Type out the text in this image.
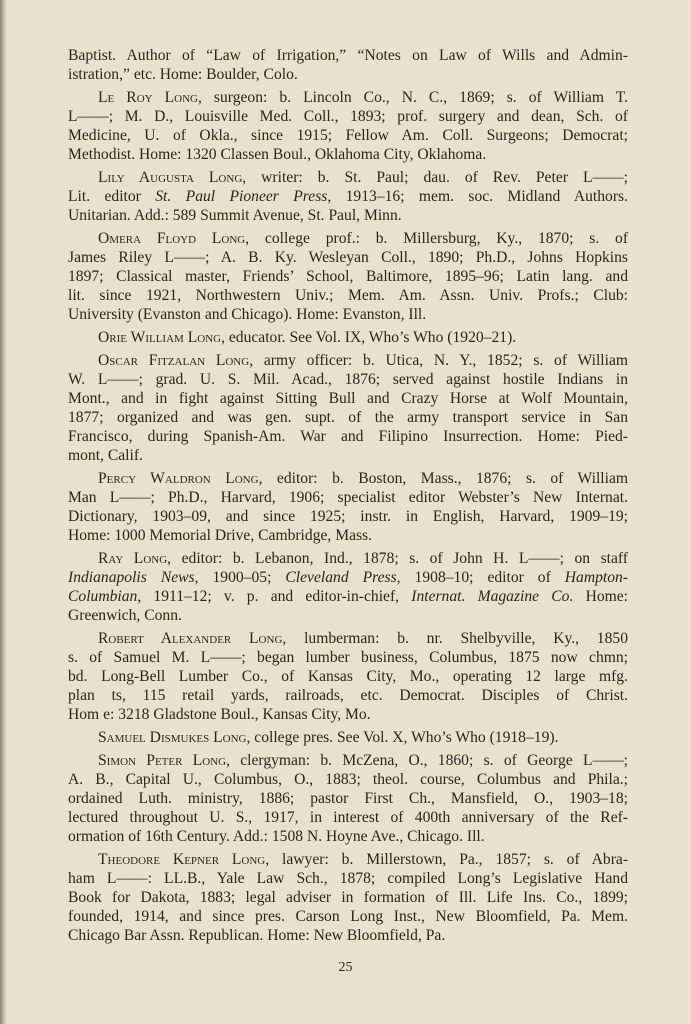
Baptist. Author of “Law of Irrigation,” “Notes on Law of Wills and Admin-
istration,” etc. Home: Boulder, Colo.
Le Roy Long, surgeon: b. Lincoln Co., N. C., 1869; s. of William T.
L——; M. D., Louisville Med. Coll., 1893; prof. surgery and dean, Sch. of
Medicine, U. of Okla., since 1915; Fellow Am. Coll. Surgeons; Democrat;
Methodist. Home: 1320 Classen Boul., Oklahoma City, Oklahoma.
Lily Augusta Long, writer: b. St. Paul; dau. of Rev. Peter L——;
Lit. editor St. Paul Pioneer Press, 1913–16; mem. soc. Midland Authors.
Unitarian. Add.: 589 Summit Avenue, St. Paul, Minn.
Omera Floyd Long, college prof.: b. Millersburg, Ky., 1870; s. of
James Riley L——; A. B. Ky. Wesleyan Coll., 1890; Ph.D., Johns Hopkins
1897; Classical master, Friends’ School, Baltimore, 1895–96; Latin lang. and
lit. since 1921, Northwestern Univ.; Mem. Am. Assn. Univ. Profs.; Club:
University (Evanston and Chicago). Home: Evanston, Ill.
Orie William Long, educator. See Vol. IX, Who’s Who (1920–21).
Oscar Fitzalan Long, army officer: b. Utica, N. Y., 1852; s. of William
W. L——; grad. U. S. Mil. Acad., 1876; served against hostile Indians in
Mont., and in fight against Sitting Bull and Crazy Horse at Wolf Mountain,
1877; organized and was gen. supt. of the army transport service in San
Francisco, during Spanish-Am. War and Filipino Insurrection. Home: Pied-
mont, Calif.
Percy Waldron Long, editor: b. Boston, Mass., 1876; s. of William
Man L——; Ph.D., Harvard, 1906; specialist editor Webster’s New Internat.
Dictionary, 1903–09, and since 1925; instr. in English, Harvard, 1909–19;
Home: 1000 Memorial Drive, Cambridge, Mass.
Ray Long, editor: b. Lebanon, Ind., 1878; s. of John H. L——; on staff
Indianapolis News, 1900–05; Cleveland Press, 1908–10; editor of Hampton-
Columbian, 1911–12; v. p. and editor-in-chief, Internat. Magazine Co. Home:
Greenwich, Conn.
Robert Alexander Long, lumberman: b. nr. Shelbyville, Ky., 1850
s. of Samuel M. L——; began lumber business, Columbus, 1875 now chmn;
bd. Long-Bell Lumber Co., of Kansas City, Mo., operating 12 large mfg.
plan ts, 115 retail yards, railroads, etc. Democrat. Disciples of Christ.
Hom e: 3218 Gladstone Boul., Kansas City, Mo.
Samuel Dismukes Long, college pres. See Vol. X, Who’s Who (1918–19).
Simon Peter Long, clergyman: b. McZena, O., 1860; s. of George L——;
A. B., Capital U., Columbus, O., 1883; theol. course, Columbus and Phila.;
ordained Luth. ministry, 1886; pastor First Ch., Mansfield, O., 1903–18;
lectured throughout U. S., 1917, in interest of 400th anniversary of the Ref-
ormation of 16th Century. Add.: 1508 N. Hoyne Ave., Chicago. Ill.
Theodore Kepner Long, lawyer: b. Millerstown, Pa., 1857; s. of Abra-
ham L——: LL.B., Yale Law Sch., 1878; compiled Long’s Legislative Hand
Book for Dakota, 1883; legal adviser in formation of Ill. Life Ins. Co., 1899;
founded, 1914, and since pres. Carson Long Inst., New Bloomfield, Pa. Mem.
Chicago Bar Assn. Republican. Home: New Bloomfield, Pa.
25
